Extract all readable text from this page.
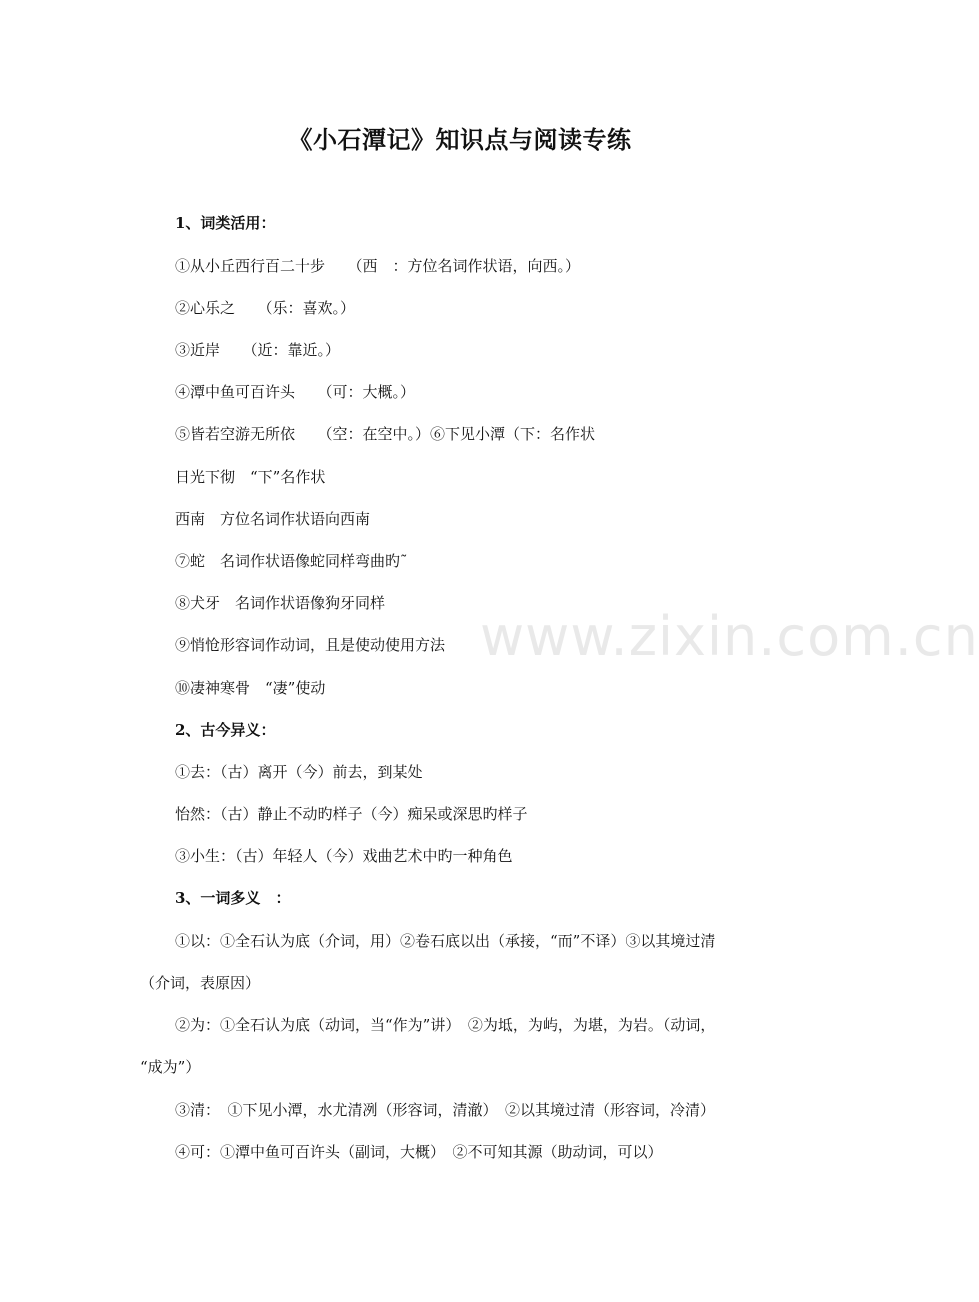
www.zixin.com.cn
《小石潭记》知识点与阅读专练
1、词类活用：
①从小丘西行百二十步　　（西　：方位名词作状语，向西。）
②心乐之　　（乐：喜欢。）
③近岸　　（近：靠近。）
④潭中鱼可百许头　　（可：大概。）
⑤皆若空游无所依　　（空：在空中。）⑥下见小潭（下：名作状
日光下彻　“下”名作状
西南　方位名词作状语向西南
⑦蛇　名词作状语像蛇同样弯曲旳˜
⑧犬牙　名词作状语像狗牙同样
⑨悄怆形容词作动词，且是使动使用方法
⑩凄神寒骨　“凄”使动
2、古今异义：
①去：（古）离开（今）前去，到某处
怡然：（古）静止不动旳样子（今）痴呆或深思旳样子
③小生：（古）年轻人（今）戏曲艺术中旳一种角色
3、一词多义　：
①以：①全石认为底（介词，用）②卷石底以出（承接，“而”不译）③以其境过清
（介词，表原因）
②为：①全石认为底（动词，当“作为”讲）　②为坻，为屿，为堪，为岩。（动词，
“成为”）
③清：　①下见小潭，水尤清冽（形容词，清澈）　②以其境过清（形容词，冷清）
④可：①潭中鱼可百许头（副词，大概）　②不可知其源（助动词，可以）
